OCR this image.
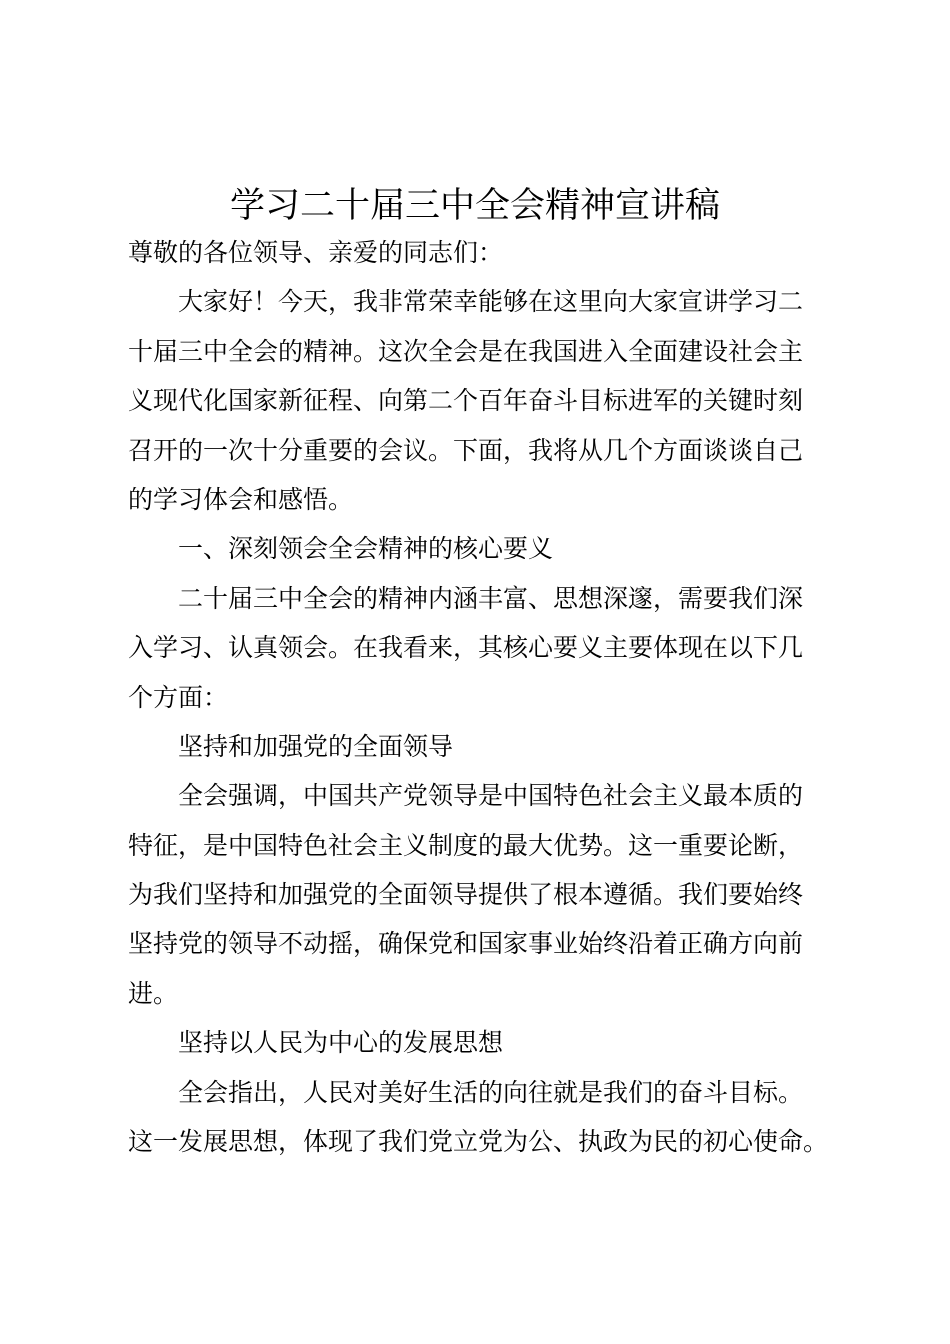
学习二十届三中全会精神宣讲稿
尊敬的各位领导、亲爱的同志们：
大家好！今天，我非常荣幸能够在这里向大家宣讲学习二
十届三中全会的精神。这次全会是在我国进入全面建设社会主
义现代化国家新征程、向第二个百年奋斗目标进军的关键时刻
召开的一次十分重要的会议。下面，我将从几个方面谈谈自己
的学习体会和感悟。
一、深刻领会全会精神的核心要义
二十届三中全会的精神内涵丰富、思想深邃，需要我们深
入学习、认真领会。在我看来，其核心要义主要体现在以下几
个方面：
坚持和加强党的全面领导
全会强调，中国共产党领导是中国特色社会主义最本质的
特征，是中国特色社会主义制度的最大优势。这一重要论断，
为我们坚持和加强党的全面领导提供了根本遵循。我们要始终
坚持党的领导不动摇，确保党和国家事业始终沿着正确方向前
进。
坚持以人民为中心的发展思想
全会指出，人民对美好生活的向往就是我们的奋斗目标。
这一发展思想，体现了我们党立党为公、执政为民的初心使命。
